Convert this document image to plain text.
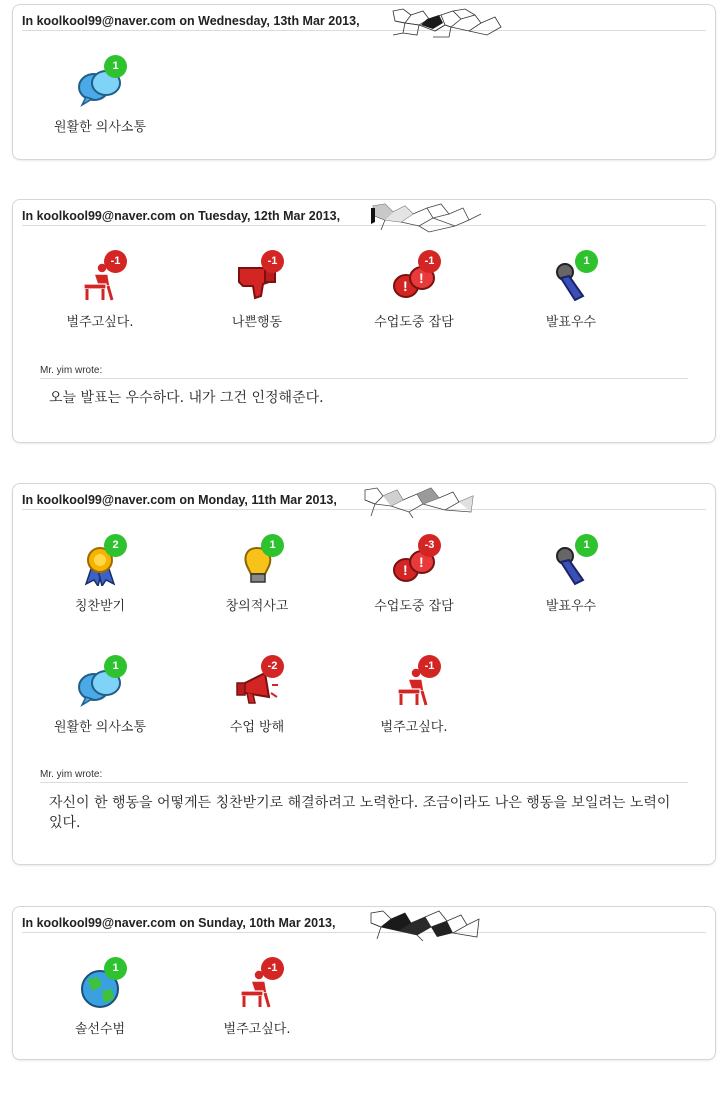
In koolkool99@naver.com on Wednesday, 13th Mar 2013,
1
원활한 의사소통
In koolkool99@naver.com on Tuesday, 12th Mar 2013,
-1
벌주고싶다.
-1
나쁜행동
! !
-1
수업도중 잡담
1
발표우수
Mr. yim wrote:
오늘 발표는 우수하다. 내가 그건 인정해준다.
In koolkool99@naver.com on Monday, 11th Mar 2013,
2
칭찬받기
1
창의적사고
! !
-3
수업도중 잡담
1
발표우수
1
원활한 의사소통
-2
수업 방해
-1
벌주고싶다.
Mr. yim wrote:
자신이 한 행동을 어떻게든 칭찬받기로 해결하려고 노력한다. 조금이라도 나은 행동을 보일려는 노력이 있다.
In koolkool99@naver.com on Sunday, 10th Mar 2013,
1
솔선수범
-1
벌주고싶다.
